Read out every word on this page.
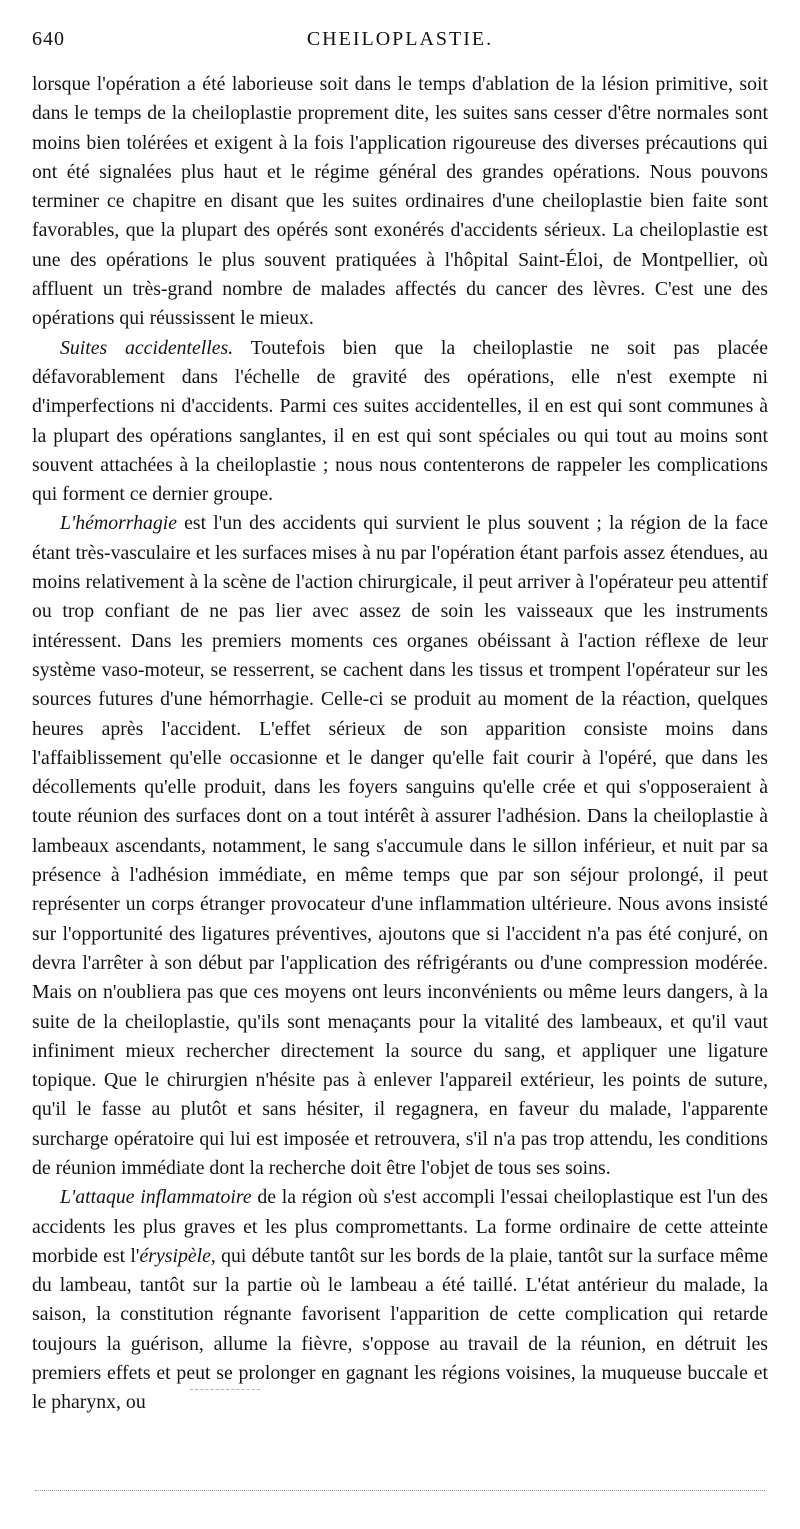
640	CHEILOPLASTIE.

lorsque l'opération a été laborieuse soit dans le temps d'ablation de la lésion primitive, soit dans le temps de la cheiloplastie proprement dite, les suites sans cesser d'être normales sont moins bien tolérées et exigent à la fois l'application rigoureuse des diverses précautions qui ont été signalées plus haut et le régime général des grandes opérations. Nous pouvons terminer ce chapitre en disant que les suites ordinaires d'une cheiloplastie bien faite sont favorables, que la plupart des opérés sont exonérés d'accidents sérieux. La cheiloplastie est une des opérations le plus souvent pratiquées à l'hôpital Saint-Éloi, de Montpellier, où affluent un très-grand nombre de malades affectés du cancer des lèvres. C'est une des opérations qui réussissent le mieux.

Suites accidentelles. Toutefois bien que la cheiloplastie ne soit pas placée défavorablement dans l'échelle de gravité des opérations, elle n'est exempte ni d'imperfections ni d'accidents. Parmi ces suites accidentelles, il en est qui sont communes à la plupart des opérations sanglantes, il en est qui sont spéciales ou qui tout au moins sont souvent attachées à la cheiloplastie ; nous nous contenterons de rappeler les complications qui forment ce dernier groupe.

L'hémorrhagie est l'un des accidents qui survient le plus souvent ; la région de la face étant très-vasculaire et les surfaces mises à nu par l'opération étant parfois assez étendues, au moins relativement à la scène de l'action chirurgicale, il peut arriver à l'opérateur peu attentif ou trop confiant de ne pas lier avec assez de soin les vaisseaux que les instruments intéressent. Dans les premiers moments ces organes obéissant à l'action réflexe de leur système vaso-moteur, se resserrent, se cachent dans les tissus et trompent l'opérateur sur les sources futures d'une hémorrhagie. Celle-ci se produit au moment de la réaction, quelques heures après l'accident. L'effet sérieux de son apparition consiste moins dans l'affaiblissement qu'elle occasionne et le danger qu'elle fait courir à l'opéré, que dans les décollements qu'elle produit, dans les foyers sanguins qu'elle crée et qui s'opposeraient à toute réunion des surfaces dont on a tout intérêt à assurer l'adhésion. Dans la cheiloplastie à lambeaux ascendants, notamment, le sang s'accumule dans le sillon inférieur, et nuit par sa présence à l'adhésion immédiate, en même temps que par son séjour prolongé, il peut représenter un corps étranger provocateur d'une inflammation ultérieure. Nous avons insisté sur l'opportunité des ligatures préventives, ajoutons que si l'accident n'a pas été conjuré, on devra l'arrêter à son début par l'application des réfrigérants ou d'une compression modérée. Mais on n'oubliera pas que ces moyens ont leurs inconvénients ou même leurs dangers, à la suite de la cheiloplastie, qu'ils sont menaçants pour la vitalité des lambeaux, et qu'il vaut infiniment mieux rechercher directement la source du sang, et appliquer une ligature topique. Que le chirurgien n'hésite pas à enlever l'appareil extérieur, les points de suture, qu'il le fasse au plutôt et sans hésiter, il regagnera, en faveur du malade, l'apparente surcharge opératoire qui lui est imposée et retrouvera, s'il n'a pas trop attendu, les conditions de réunion immédiate dont la recherche doit être l'objet de tous ses soins.

L'attaque inflammatoire de la région où s'est accompli l'essai cheiloplastique est l'un des accidents les plus graves et les plus compromettants. La forme ordinaire de cette atteinte morbide est l'érysipèle, qui débute tantôt sur les bords de la plaie, tantôt sur la surface même du lambeau, tantôt sur la partie où le lambeau a été taillé. L'état antérieur du malade, la saison, la constitution régnante favorisent l'apparition de cette complication qui retarde toujours la guérison, allume la fièvre, s'oppose au travail de la réunion, en détruit les premiers effets et peut se prolonger en gagnant les régions voisines, la muqueuse buccale et le pharynx, ou
